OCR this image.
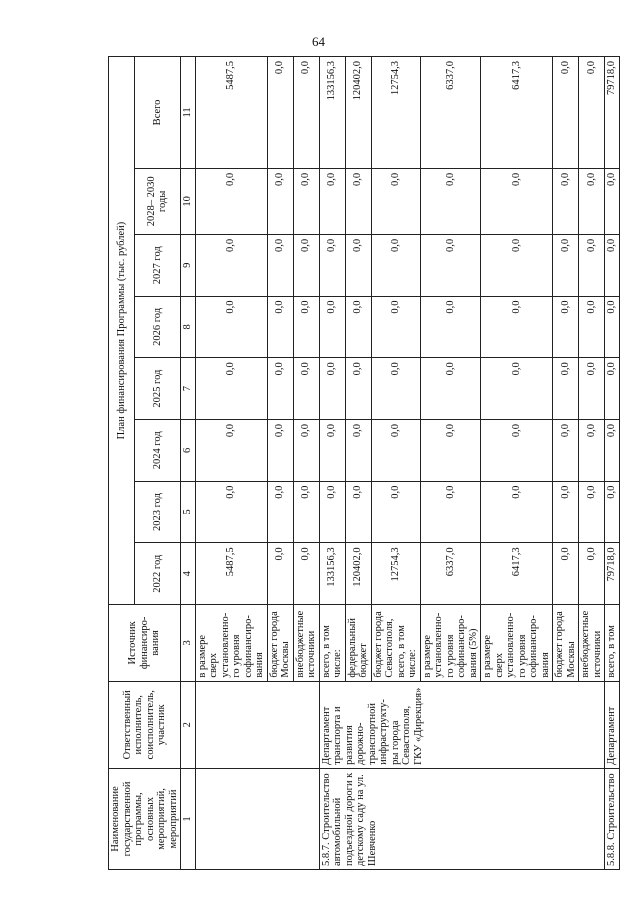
64
Наименование государственной программы, основных мероприятий, мероприятий	Ответственный исполнитель, соисполнитель, участник	Источник финансиро- вания	План финансирования Программы (тыс. рублей)							
			2022 год	2023 год	2024 год	2025 год	2026 год	2027 год	2028– 2030 годы	Всего
1	2	3	4	5	6	7	8	9	10	11
		в размере сверх установленно- го уровня софинансиро- вания	5487,5	0,0	0,0	0,0	0,0	0,0	0,0	5487,5
		бюджет города Москвы	0,0	0,0	0,0	0,0	0,0	0,0	0,0	0,0
		внебюджетные источники	0,0	0,0	0,0	0,0	0,0	0,0	0,0	0,0
5.8.7. Строительство автомобильной подъездной дороги к детскому саду на ул. Шевченко	Департамент транспорта и развития дорожно- транспортной инфраструкту- ры города Севастополя, ГКУ «Дирекция»	всего, в том числе:	133156,3	0,0	0,0	0,0	0,0	0,0	0,0	133156,3
		федеральный бюджет	120402,0	0,0	0,0	0,0	0,0	0,0	0,0	120402,0
		бюджет города Севастополя, всего, в том числе:	12754,3	0,0	0,0	0,0	0,0	0,0	0,0	12754,3
		в размере установленно- го уровня софинансиро- вания (5%)	6337,0	0,0	0,0	0,0	0,0	0,0	0,0	6337,0
		в размере сверх установленно- го уровня софинансиро- вания	6417,3	0,0	0,0	0,0	0,0	0,0	0,0	6417,3
		бюджет города Москвы	0,0	0,0	0,0	0,0	0,0	0,0	0,0	0,0
		внебюджетные источники	0,0	0,0	0,0	0,0	0,0	0,0	0,0	0,0
5.8.8. Строительство	Департамент	всего, в том	79718,0	0,0	0,0	0,0	0,0	0,0	0,0	79718,0
